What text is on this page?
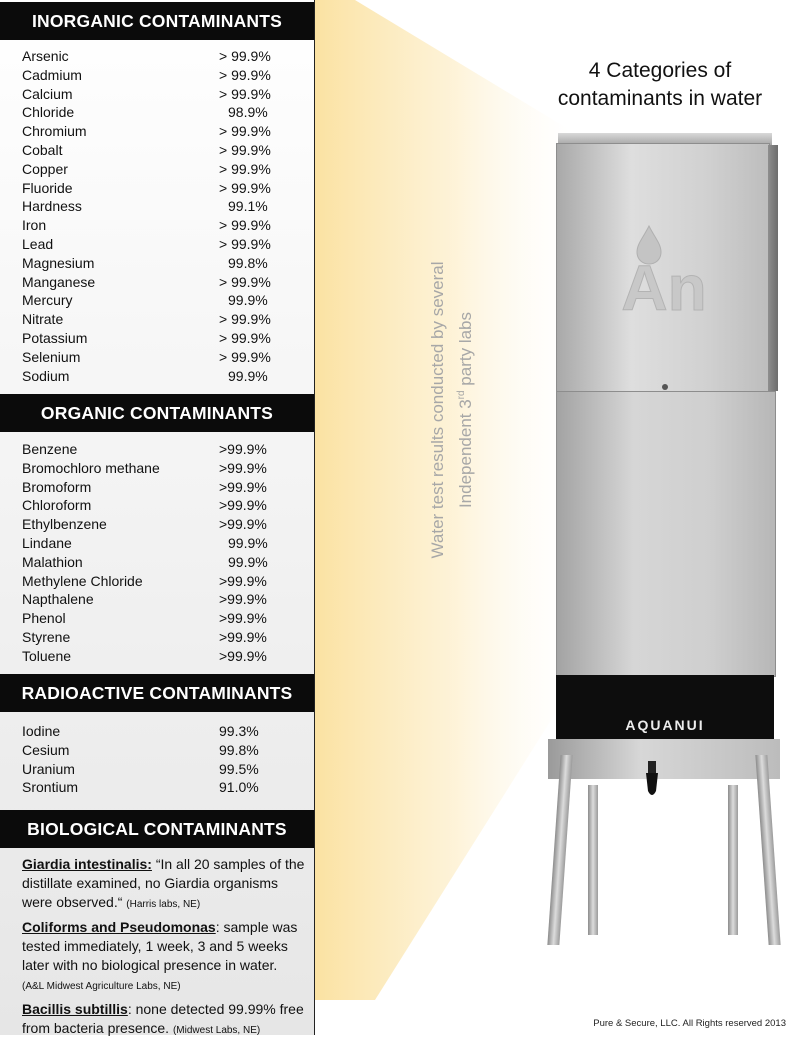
INORGANIC CONTAMINANTS
Arsenic	> 99.9%
Cadmium	> 99.9%
Calcium	> 99.9%
Chloride	98.9%
Chromium	> 99.9%
Cobalt	> 99.9%
Copper	> 99.9%
Fluoride	> 99.9%
Hardness	99.1%
Iron	> 99.9%
Lead	> 99.9%
Magnesium	99.8%
Manganese	> 99.9%
Mercury	99.9%
Nitrate	> 99.9%
Potassium	> 99.9%
Selenium	> 99.9%
Sodium	99.9%
ORGANIC CONTAMINANTS
Benzene	>99.9%
Bromochloro methane	>99.9%
Bromoform	>99.9%
Chloroform	>99.9%
Ethylbenzene	>99.9%
Lindane	99.9%
Malathion	99.9%
Methylene Chloride	>99.9%
Napthalene	>99.9%
Phenol	>99.9%
Styrene	>99.9%
Toluene	>99.9%
RADIOACTIVE CONTAMINANTS
Iodine	99.3%
Cesium	99.8%
Uranium	99.5%
Srontium	91.0%
BIOLOGICAL CONTAMINANTS

Giardia intestinalis: “In all 20 samples of the distillate examined, no Giardia organisms were observed.“ (Harris labs, NE)

Coliforms and Pseudomonas: sample was tested immediately, 1 week, 3 and 5 weeks later with no biological presence in water.
(A&L Midwest Agriculture Labs, NE)

Bacillis subtillis: none detected 99.99% free from bacteria presence. (Midwest Labs, NE)

Water test results conducted by several Independent 3rd party labs
4 Categories of
contaminants in water
An
AQUANUI
Pure & Secure, LLC. All Rights reserved 2013
